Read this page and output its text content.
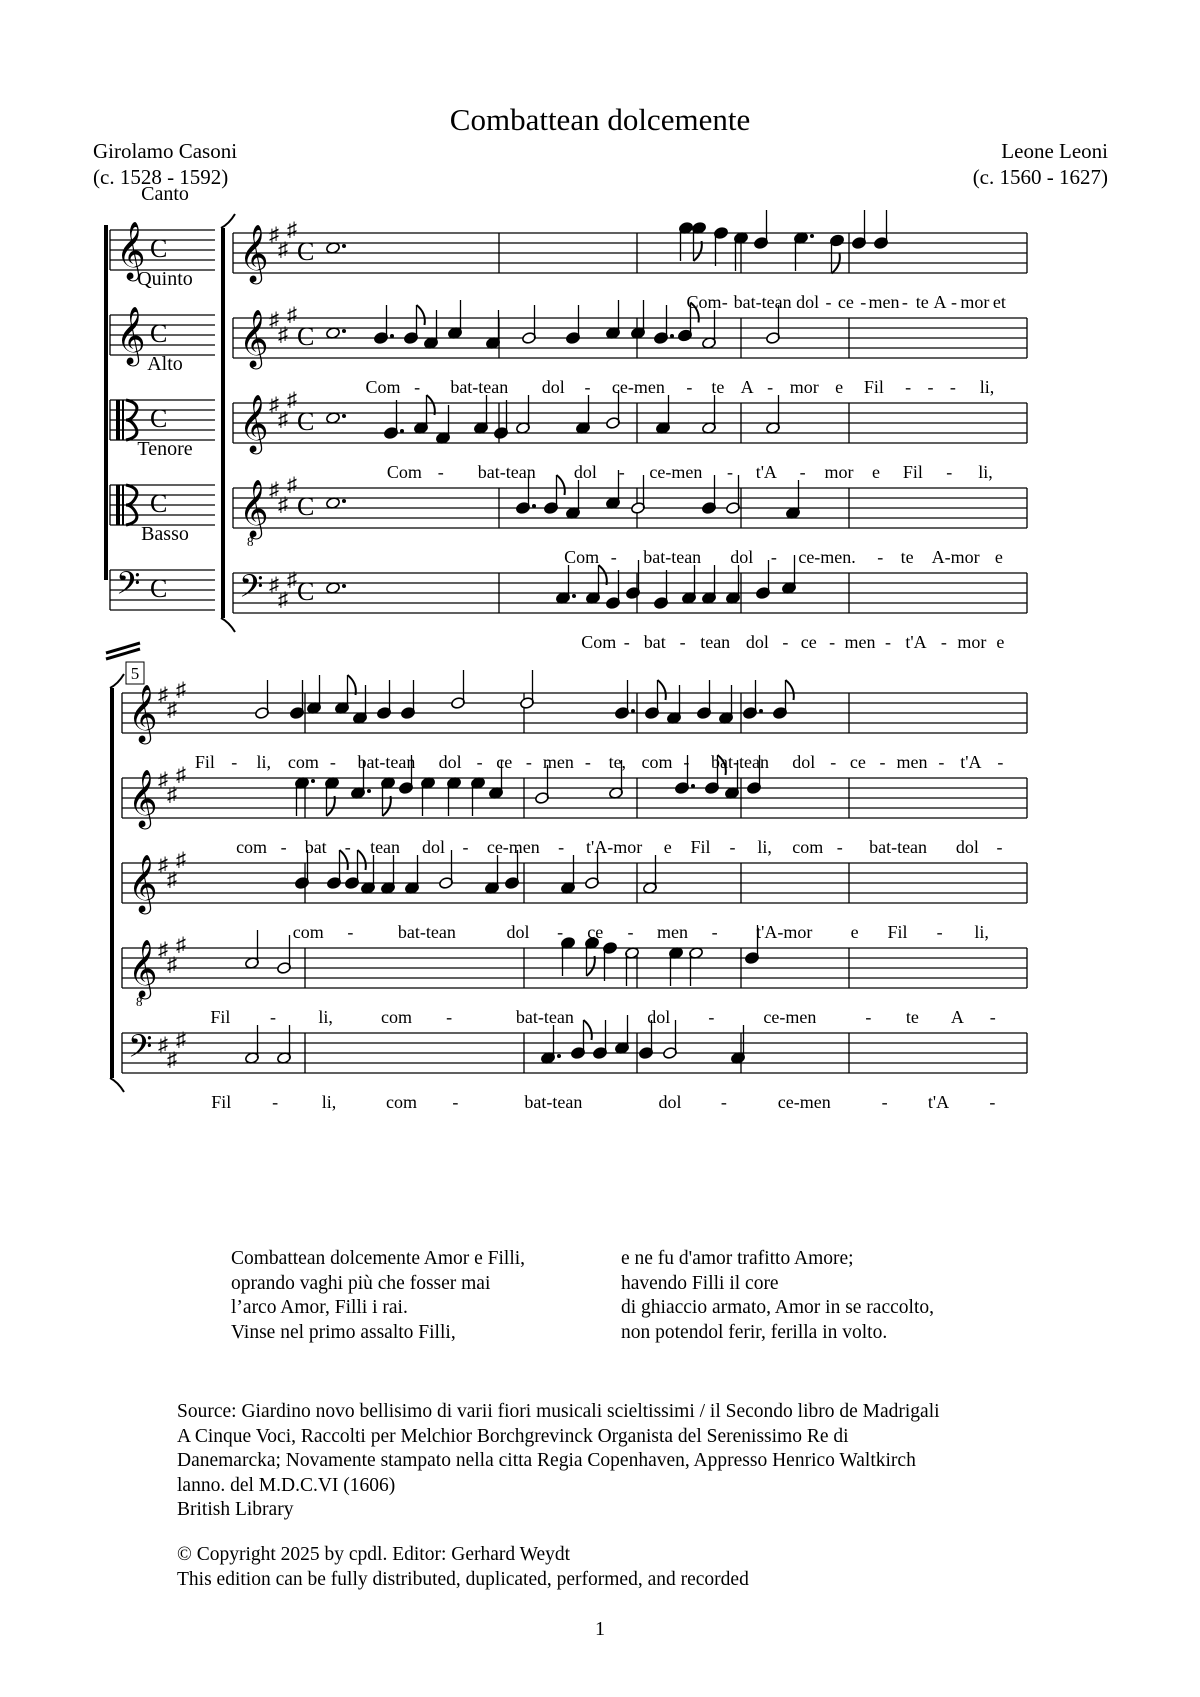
Combattean dolcemente
Girolamo Casoni
(c. 1528 - 1592)
Leone Leoni
(c. 1560 - 1627)
𝄞 ♯
♯
♯
C
𝄞 ♯
♯
♯
C
𝄞 ♯
♯
♯
C
𝄞
8
♯
♯
♯
C
𝄢 ♯
♯
♯ C
𝄞 ♯
♯
♯
𝄞 ♯
♯
♯
𝄞 ♯
♯
♯
𝄞
8
♯
♯
♯
𝄢 ♯
♯
♯
𝄞 C
Canto
𝄞 C
Quinto
C
Alto
C
Tenore
𝄢 C
Basso
5
Com - bat-tean dol - ce - men - te A - mor et
Com - bat-tean dol - ce-men - te A - mor e Fil - - - li,
Com - bat-tean dol - ce-men - t'A - mor e Fil - li,
Com - bat-tean dol - ce-men. - te A-mor e
Com - bat - tean dol - ce - men - t'A - mor e
Fil - li, com - bat-tean dol - ce - men - te, com - bat-tean dol - ce - men - t'A -
com - bat - tean dol - ce-men - t'A-mor e Fil - li, com - bat-tean dol -
com - bat-tean	dol - ce - men - t'A-mor e Fil - li,
Fil - li,	com -	bat-tean	dol -	ce-men	- te A -
Fil - li,	com -	bat-tean	dol -	ce-men	- t'A -
Combattean dolcemente Amor e Filli,
oprando vaghi più che fosser mai
l’arco Amor, Filli i rai.
Vinse nel primo assalto Filli,
e ne fu d'amor trafitto Amore;
havendo Filli il core
di ghiaccio armato, Amor in se raccolto,
non potendol ferir, ferilla in volto.
Source: Giardino novo bellisimo di varii fiori musicali scieltissimi / il Secondo libro de Madrigali
A Cinque Voci, Raccolti per Melchior Borchgrevinck Organista del Serenissimo Re di
Danemarcka; Novamente stampato nella citta Regia Copenhaven, Appresso Henrico Waltkirch
lanno. del M.D.C.VI (1606)
British Library
© Copyright 2025 by cpdl. Editor: Gerhard Weydt
This edition can be fully distributed, duplicated, performed, and recorded
1
